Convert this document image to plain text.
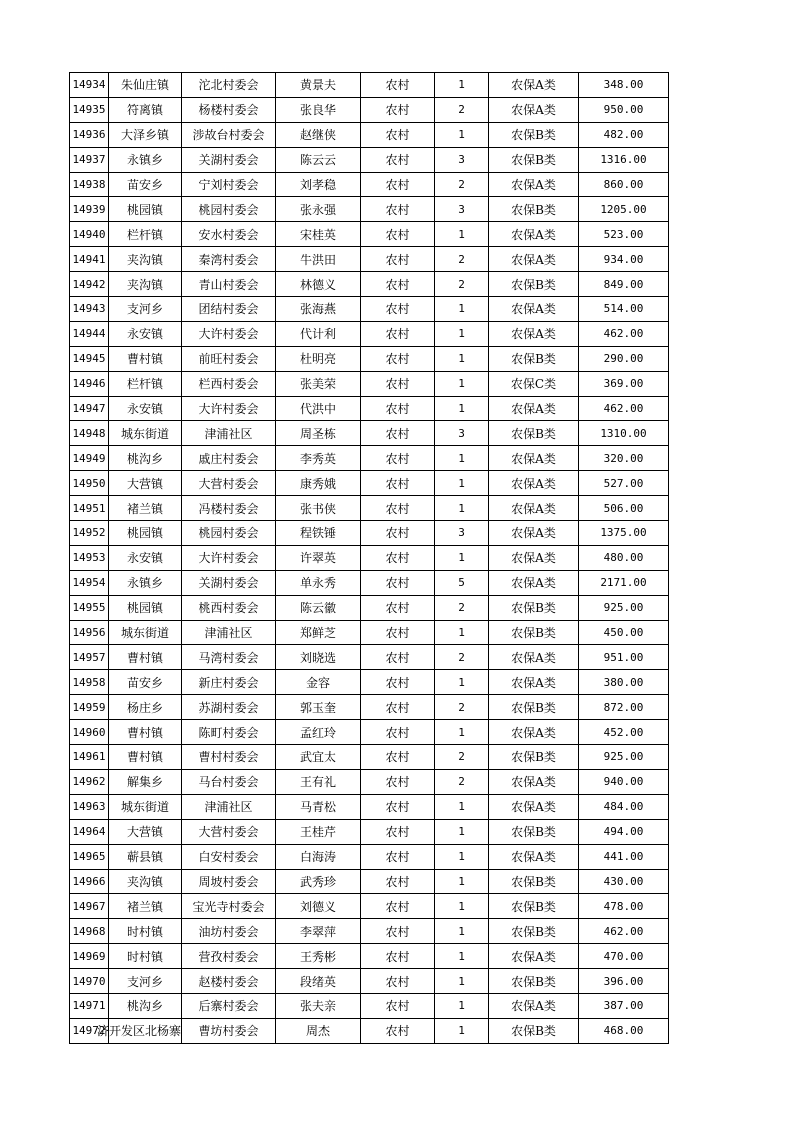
14934	朱仙庄镇	沱北村委会	黄景夫	农村	1	农保A类	348.00
14935	符离镇	杨楼村委会	张良华	农村	2	农保A类	950.00
14936	大泽乡镇	涉故台村委会	赵继侠	农村	1	农保B类	482.00
14937	永镇乡	关湖村委会	陈云云	农村	3	农保B类	1316.00
14938	苗安乡	宁刘村委会	刘孝稳	农村	2	农保A类	860.00
14939	桃园镇	桃园村委会	张永强	农村	3	农保B类	1205.00
14940	栏杆镇	安水村委会	宋桂英	农村	1	农保A类	523.00
14941	夹沟镇	秦湾村委会	牛洪田	农村	2	农保A类	934.00
14942	夹沟镇	青山村委会	林德义	农村	2	农保B类	849.00
14943	支河乡	团结村委会	张海燕	农村	1	农保A类	514.00
14944	永安镇	大许村委会	代计利	农村	1	农保A类	462.00
14945	曹村镇	前旺村委会	杜明亮	农村	1	农保B类	290.00
14946	栏杆镇	栏西村委会	张美荣	农村	1	农保C类	369.00
14947	永安镇	大许村委会	代洪中	农村	1	农保A类	462.00
14948	城东街道	津浦社区	周圣栋	农村	3	农保B类	1310.00
14949	桃沟乡	戚庄村委会	李秀英	农村	1	农保A类	320.00
14950	大营镇	大营村委会	康秀娥	农村	1	农保A类	527.00
14951	褚兰镇	冯楼村委会	张书侠	农村	1	农保A类	506.00
14952	桃园镇	桃园村委会	程铁锤	农村	3	农保A类	1375.00
14953	永安镇	大许村委会	许翠英	农村	1	农保A类	480.00
14954	永镇乡	关湖村委会	单永秀	农村	5	农保A类	2171.00
14955	桃园镇	桃西村委会	陈云徽	农村	2	农保B类	925.00
14956	城东街道	津浦社区	郑鲜芝	农村	1	农保B类	450.00
14957	曹村镇	马湾村委会	刘晓选	农村	2	农保A类	951.00
14958	苗安乡	新庄村委会	金容	农村	1	农保A类	380.00
14959	杨庄乡	苏湖村委会	郭玉奎	农村	2	农保B类	872.00
14960	曹村镇	陈町村委会	孟红玲	农村	1	农保A类	452.00
14961	曹村镇	曹村村委会	武宜太	农村	2	农保B类	925.00
14962	解集乡	马台村委会	王有礼	农村	2	农保A类	940.00
14963	城东街道	津浦社区	马青松	农村	1	农保A类	484.00
14964	大营镇	大营村委会	王桂芹	农村	1	农保B类	494.00
14965	蕲县镇	白安村委会	白海涛	农村	1	农保A类	441.00
14966	夹沟镇	周坡村委会	武秀珍	农村	1	农保B类	430.00
14967	褚兰镇	宝光寺村委会	刘德义	农村	1	农保B类	478.00
14968	时村镇	油坊村委会	李翠萍	农村	1	农保B类	462.00
14969	时村镇	营孜村委会	王秀彬	农村	1	农保A类	470.00
14970	支河乡	赵楼村委会	段绪英	农村	1	农保B类	396.00
14971	桃沟乡	后寨村委会	张夫亲	农村	1	农保A类	387.00
14972	济开发区北杨寨	曹坊村委会	周杰	农村	1	农保B类	468.00
